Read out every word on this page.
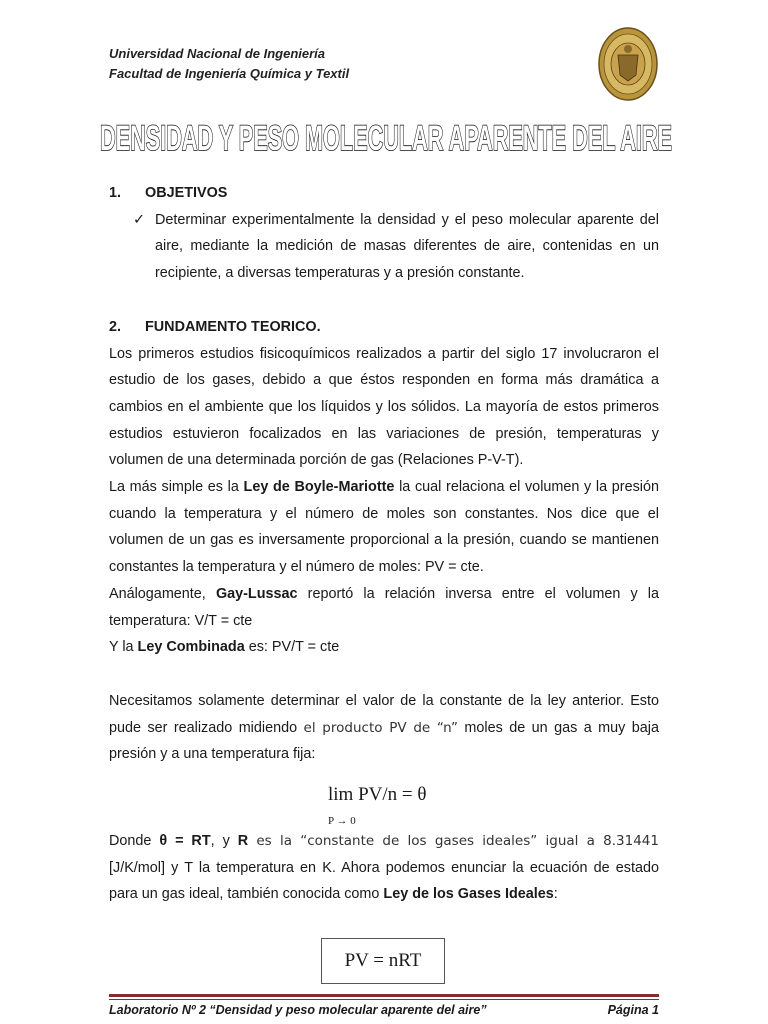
Universidad Nacional de Ingeniería
Facultad de Ingeniería Química y Textil
DENSIDAD Y PESO MOLECULAR APARENTE DEL AIRE

1. OBJETIVOS

✓ Determinar experimentalmente la densidad y el peso molecular aparente del aire, mediante la medición de masas diferentes de aire, contenidas en un recipiente, a diversas temperaturas y a presión constante.

2. FUNDAMENTO TEORICO.

Los primeros estudios fisicoquímicos realizados a partir del siglo 17 involucraron el estudio de los gases, debido a que éstos responden en forma más dramática a cambios en el ambiente que los líquidos y los sólidos. La mayoría de estos primeros estudios estuvieron focalizados en las variaciones de presión, temperaturas y volumen de una determinada porción de gas (Relaciones P-V-T).

La más simple es la Ley de Boyle-Mariotte la cual relaciona el volumen y la presión cuando la temperatura y el número de moles son constantes. Nos dice que el volumen de un gas es inversamente proporcional a la presión, cuando se mantienen constantes la temperatura y el número de moles: PV = cte.

Análogamente, Gay-Lussac reportó la relación inversa entre el volumen y la temperatura: V/T = cte

Y la Ley Combinada es: PV/T = cte

Necesitamos solamente determinar el valor de la constante de la ley anterior. Esto pude ser realizado midiendo el producto PV de “n” moles de un gas a muy baja presión y a una temperatura fija:

lim PV/n = θ
P → 0

Donde θ = RT, y R es la “constante de los gases ideales” igual a 8.31441 [J/K/mol] y T la temperatura en K. Ahora podemos enunciar la ecuación de estado para un gas ideal, también conocida como Ley de los Gases Ideales:

PV = nRT
Laboratorio Nº 2 “Densidad y peso molecular aparente del aire”	Página 1
